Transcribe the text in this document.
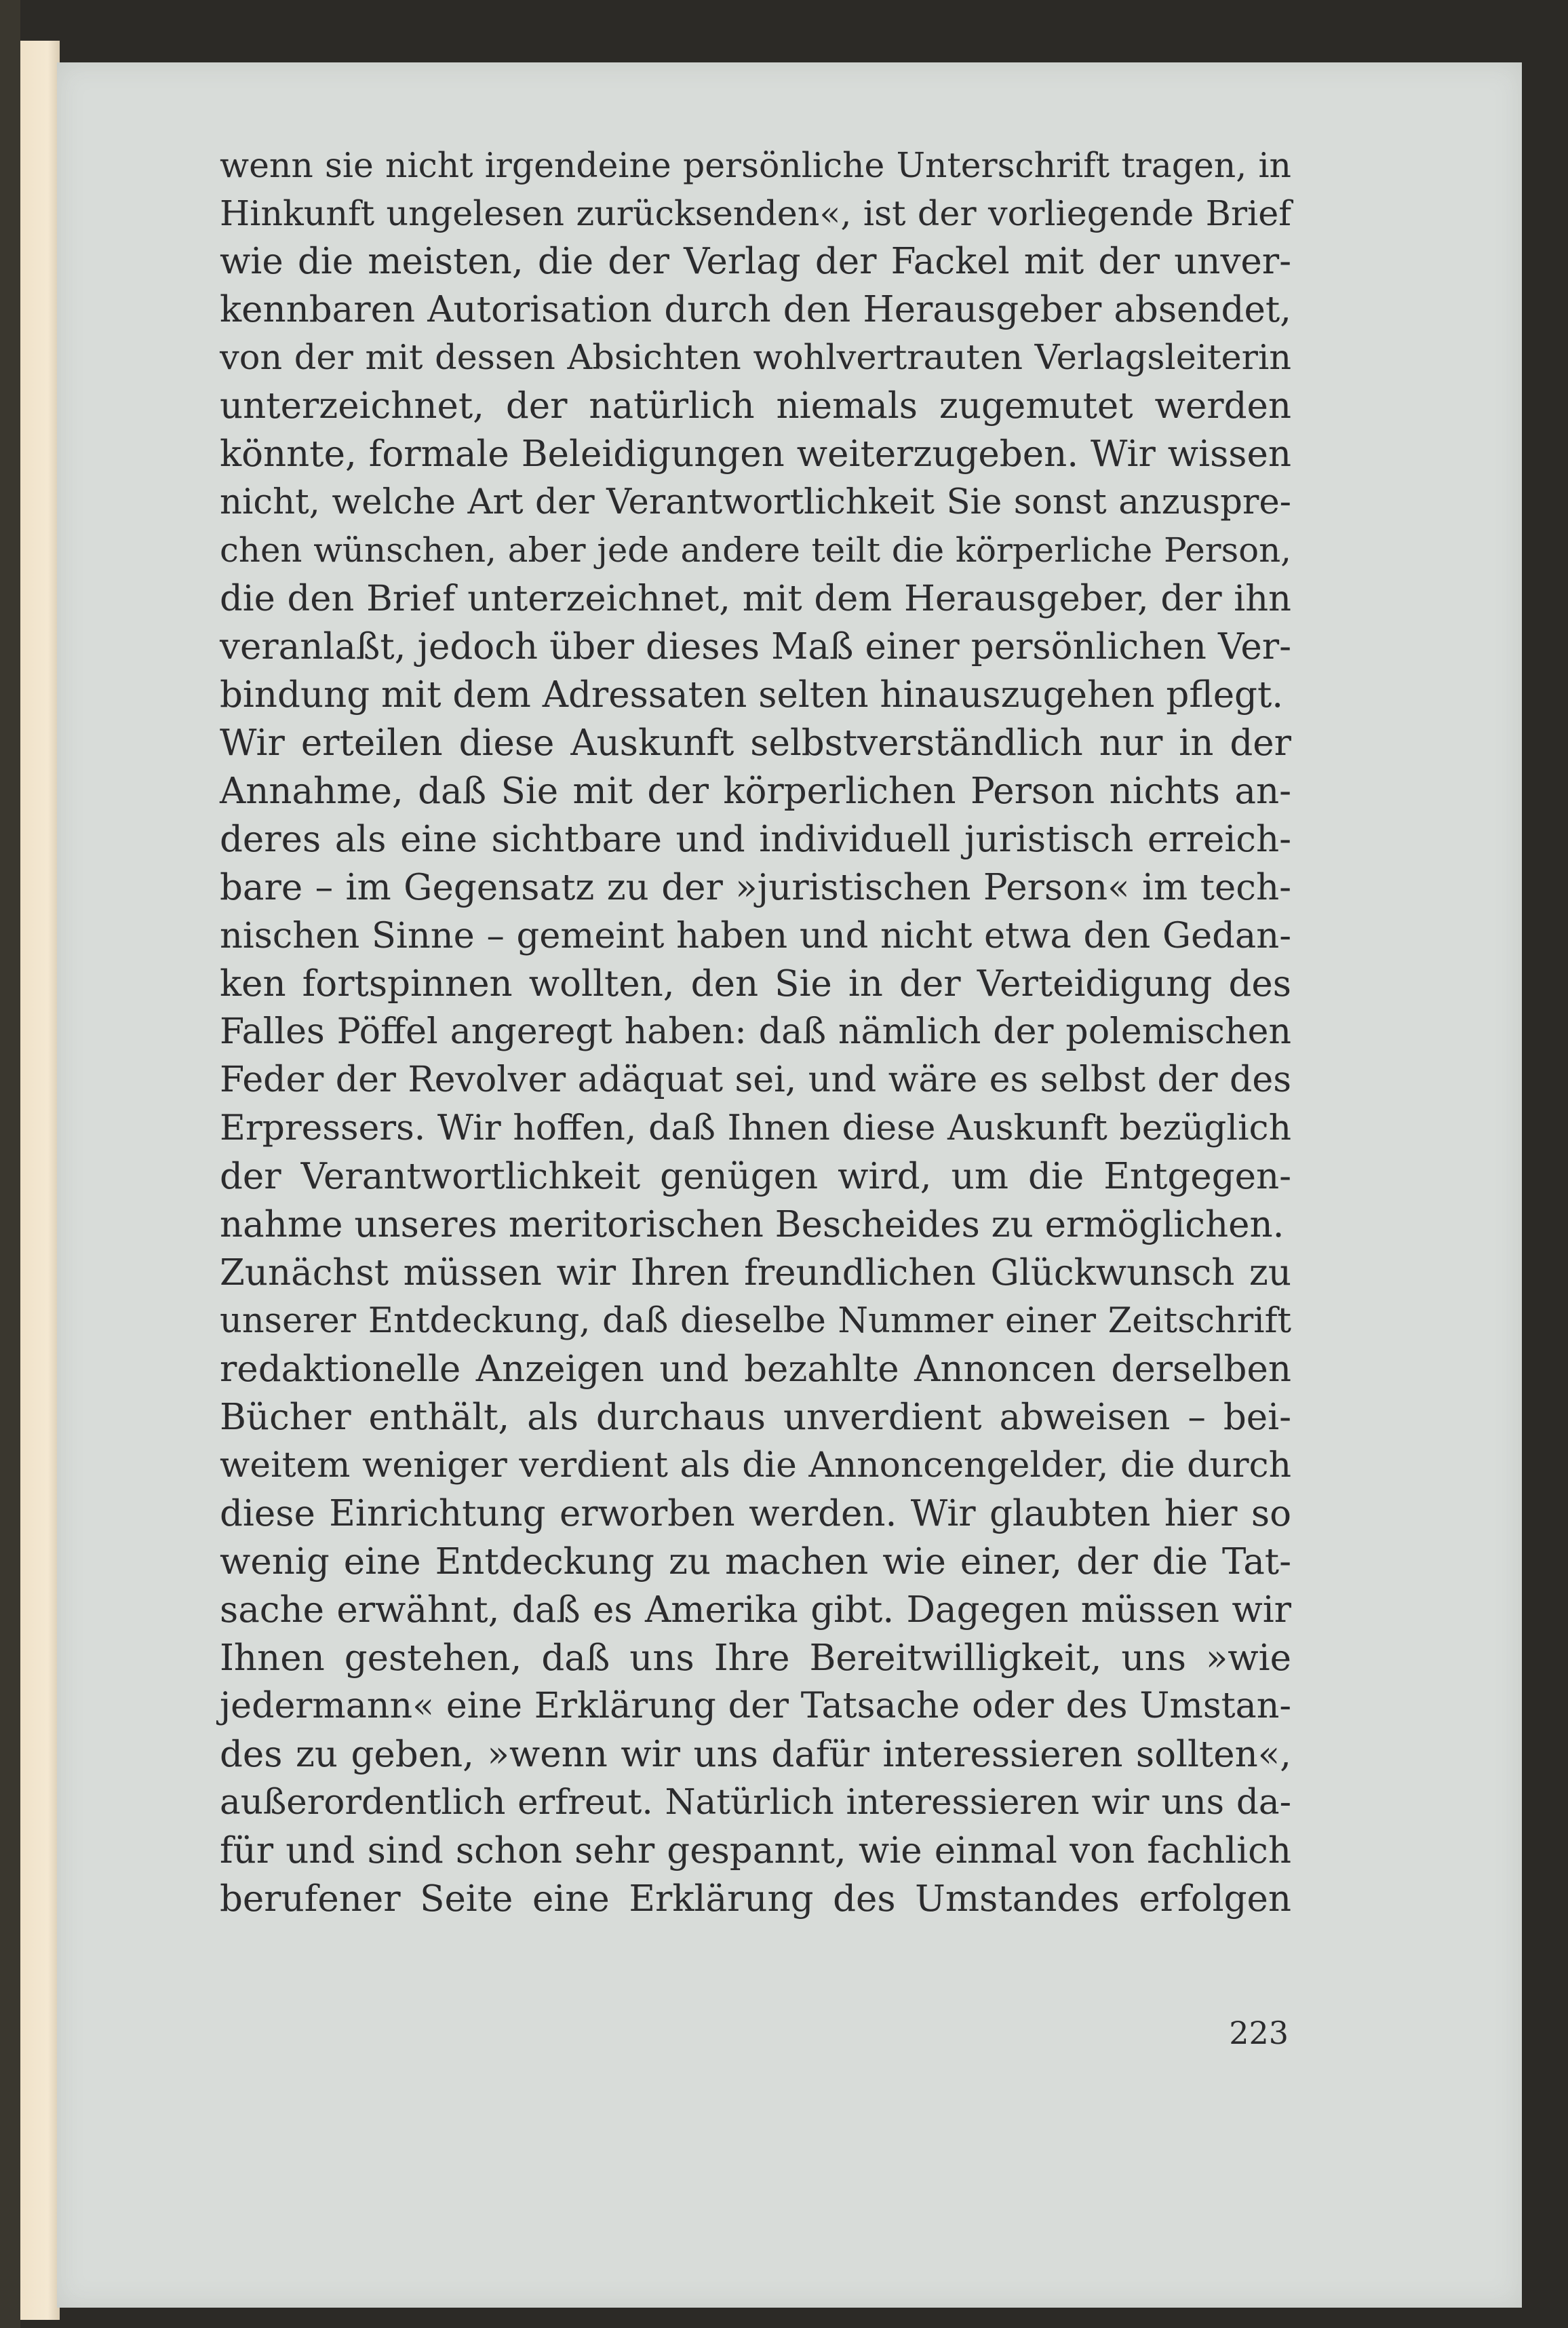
wenn sie nicht irgendeine persönliche Unterschrift tragen, in
Hinkunft ungelesen zurücksenden«, ist der vorliegende Brief
wie die meisten, die der Verlag der Fackel mit der unver-
kennbaren Autorisation durch den Herausgeber absendet,
von der mit dessen Absichten wohlvertrauten Verlagsleiterin
unterzeichnet, der natürlich niemals zugemutet werden
könnte, formale Beleidigungen weiterzugeben. Wir wissen
nicht, welche Art der Verantwortlichkeit Sie sonst anzuspre-
chen wünschen, aber jede andere teilt die körperliche Person,
die den Brief unterzeichnet, mit dem Herausgeber, der ihn
veranlaßt, jedoch über dieses Maß einer persönlichen Ver-
bindung mit dem Adressaten selten hinauszugehen pflegt.
Wir erteilen diese Auskunft selbstverständlich nur in der
Annahme, daß Sie mit der körperlichen Person nichts an-
deres als eine sichtbare und individuell juristisch erreich-
bare – im Gegensatz zu der »juristischen Person« im tech-
nischen Sinne – gemeint haben und nicht etwa den Gedan-
ken fortspinnen wollten, den Sie in der Verteidigung des
Falles Pöffel angeregt haben: daß nämlich der polemischen
Feder der Revolver adäquat sei, und wäre es selbst der des
Erpressers. Wir hoffen, daß Ihnen diese Auskunft bezüglich
der Verantwortlichkeit genügen wird, um die Entgegen-
nahme unseres meritorischen Bescheides zu ermöglichen.
Zunächst müssen wir Ihren freundlichen Glückwunsch zu
unserer Entdeckung, daß dieselbe Nummer einer Zeitschrift
redaktionelle Anzeigen und bezahlte Annoncen derselben
Bücher enthält, als durchaus unverdient abweisen – bei-
weitem weniger verdient als die Annoncengelder, die durch
diese Einrichtung erworben werden. Wir glaubten hier so
wenig eine Entdeckung zu machen wie einer, der die Tat-
sache erwähnt, daß es Amerika gibt. Dagegen müssen wir
Ihnen gestehen, daß uns Ihre Bereitwilligkeit, uns »wie
jedermann« eine Erklärung der Tatsache oder des Umstan-
des zu geben, »wenn wir uns dafür interessieren sollten«,
außerordentlich erfreut. Natürlich interessieren wir uns da-
für und sind schon sehr gespannt, wie einmal von fachlich
berufener Seite eine Erklärung des Umstandes erfolgen
223
